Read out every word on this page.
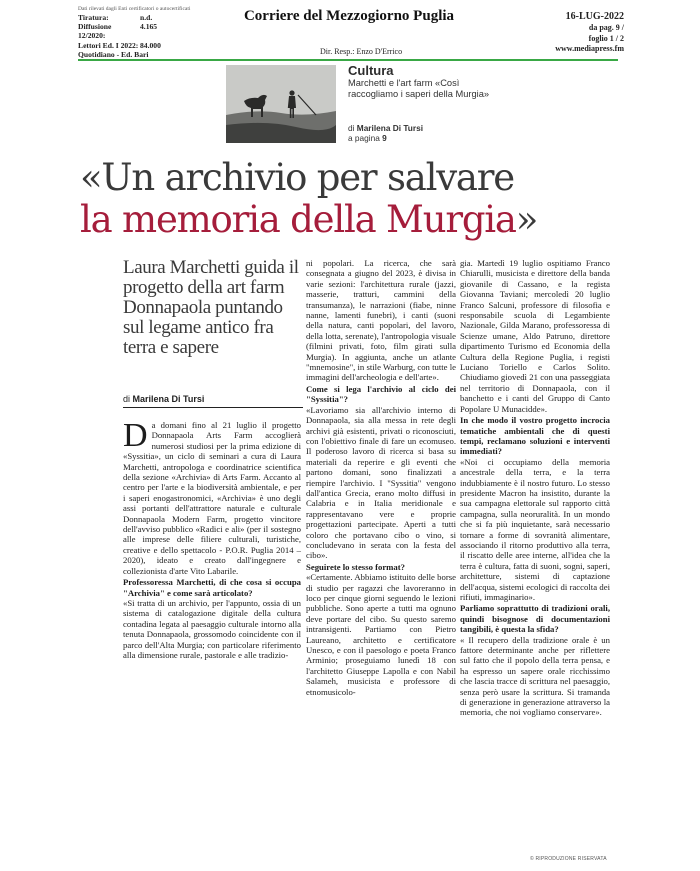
Dati rilevati dagli Enti certificatori o autocertificati
Tiratura:	n.d.
Diffusione 12/2020:
4.165
Lettori Ed. I 2022: 84.000
Quotidiano - Ed. Bari
Corriere del Mezzogiorno Puglia
Dir. Resp.: Enzo D'Errico
16-LUG-2022
da pag. 9 /
foglio 1 / 2
www.mediapress.fm
Cultura
Marchetti e l'art farm «Così raccogliamo i saperi della Murgia»
di Marilena Di Tursi
a pagina 9
«Un archivio per salvare
la memoria della Murgia»
Laura Marchetti guida il progetto della art farm Donnapaola puntando sul legame antico fra terra e sapere
di Marilena Di Tursi
D a domani fino al 21 luglio il progetto Donnapaola Arts Farm accoglierà numerosi studiosi per la prima edizione di «Syssitia», un ciclo di seminari a cura di Laura Marchetti, antropologa e coordinatrice scientifica della sezione «Archivia» di Arts Farm. Accanto al centro per l'arte e la biodiversità ambientale, e per i saperi enogastronomici, «Archivia» è uno degli assi portanti dell'attrattore naturale e culturale Donnapaola Modern Farm, progetto vincitore dell'avviso pubblico «Radici e ali» (per il sostegno alle imprese delle filiere culturali, turistiche, creative e dello spettacolo - P.O.R. Puglia 2014 – 2020), ideato e creato dall'ingegnere e collezionista d'arte Vito Labarile.

Professoressa Marchetti, di che cosa si occupa "Archivia" e come sarà articolato?

«Si tratta di un archivio, per l'appunto, ossia di un sistema di catalogazione digitale della cultura contadina legata al paesaggio culturale intorno alla tenuta Donnapaola, grossomodo coincidente con il parco dell'Alta Murgia; con particolare riferimento alla dimensione rurale, pastorale e alle tradizio-

ni popolari. La ricerca, che sarà consegnata a giugno del 2023, è divisa in varie sezioni: l'architettura rurale (jazzi, masserie, tratturi, cammini della transumanza), le narrazioni (fiabe, ninne nanne, lamenti funebri), i canti (suoni della natura, canti popolari, del lavoro, della lotta, serenate), l'antropologia visuale (filmini privati, foto, film girati sulla Murgia). In aggiunta, anche un atlante "mnemosine", in stile Warburg, con tutte le immagini dell'archeologia e dell'arte».

Come si lega l'archivio al ciclo dei "Syssitia"?

«Lavoriamo sia all'archivio interno di Donnapaola, sia alla messa in rete degli archivi già esistenti, privati o riconosciuti, con l'obiettivo finale di fare un ecomuseo. Il poderoso lavoro di ricerca si basa su materiali da reperire e gli eventi che partono domani, sono finalizzati a riempire l'archivio. I "Syssitia" vengono dall'antica Grecia, erano molto diffusi in Calabria e in Italia meridionale e rappresentavano vere e proprie progettazioni partecipate. Aperti a tutti coloro che portavano cibo o vino, si concludevano in serata con la festa del cibo».

Seguirete lo stesso format?

«Certamente. Abbiamo istituito delle borse di studio per ragazzi che lavoreranno in loco per cinque giorni seguendo le lezioni pubbliche. Sono aperte a tutti ma ognuno deve portare del cibo. Su questo saremo intransigenti. Partiamo con Pietro Laureano, architetto e certificatore Unesco, e con il paesologo e poeta Franco Arminio; proseguiamo lunedì 18 con l'architetto Giuseppe Lapolla e con Nabil Salameh, musicista e professore di etnomusicolo-

gia. Martedì 19 luglio ospitiamo Franco Chiarulli, musicista e direttore della banda giovanile di Cassano, e la regista Giovanna Taviani; mercoledì 20 luglio Franco Salcuni, professore di filosofia e responsabile scuola di Legambiente Nazionale, Gilda Marano, professoressa di Scienze umane, Aldo Patruno, direttore dipartimento Turismo ed Economia della Cultura della Regione Puglia, i registi Luciano Toriello e Carlos Solito. Chiudiamo giovedì 21 con una passeggiata nel territorio di Donnapaola, con il banchetto e i canti del Gruppo di Canto Popolare U Munacidde».

In che modo il vostro progetto incrocia tematiche ambientali che di questi tempi, reclamano soluzioni e interventi immediati?

«Noi ci occupiamo della memoria ancestrale della terra, e la terra indubbiamente è il nostro futuro. Lo stesso presidente Macron ha insistito, durante la sua campagna elettorale sul rapporto città campagna, sulla neoruralità. In un mondo che si fa più inquietante, sarà necessario tornare a forme di sovranità alimentare, associando il ritorno produttivo alla terra, il riscatto delle aree interne, all'idea che la terra è cultura, fatta di suoni, sogni, saperi, architetture, sistemi di captazione dell'acqua, sistemi ecologici di raccolta dei rifiuti, immaginario».

Parliamo soprattutto di tradizioni orali, quindi bisognose di documentazioni tangibili, è questa la sfida?

« Il recupero della tradizione orale è un fattore determinante anche per riflettere sul fatto che il popolo della terra pensa, e ha espresso un sapere orale ricchissimo che lascia tracce di scrittura nel paesaggio, senza però usare la scrittura. Si tramanda di generazione in generazione attraverso la memoria, che noi vogliamo conservare».

© RIPRODUZIONE RISERVATA
